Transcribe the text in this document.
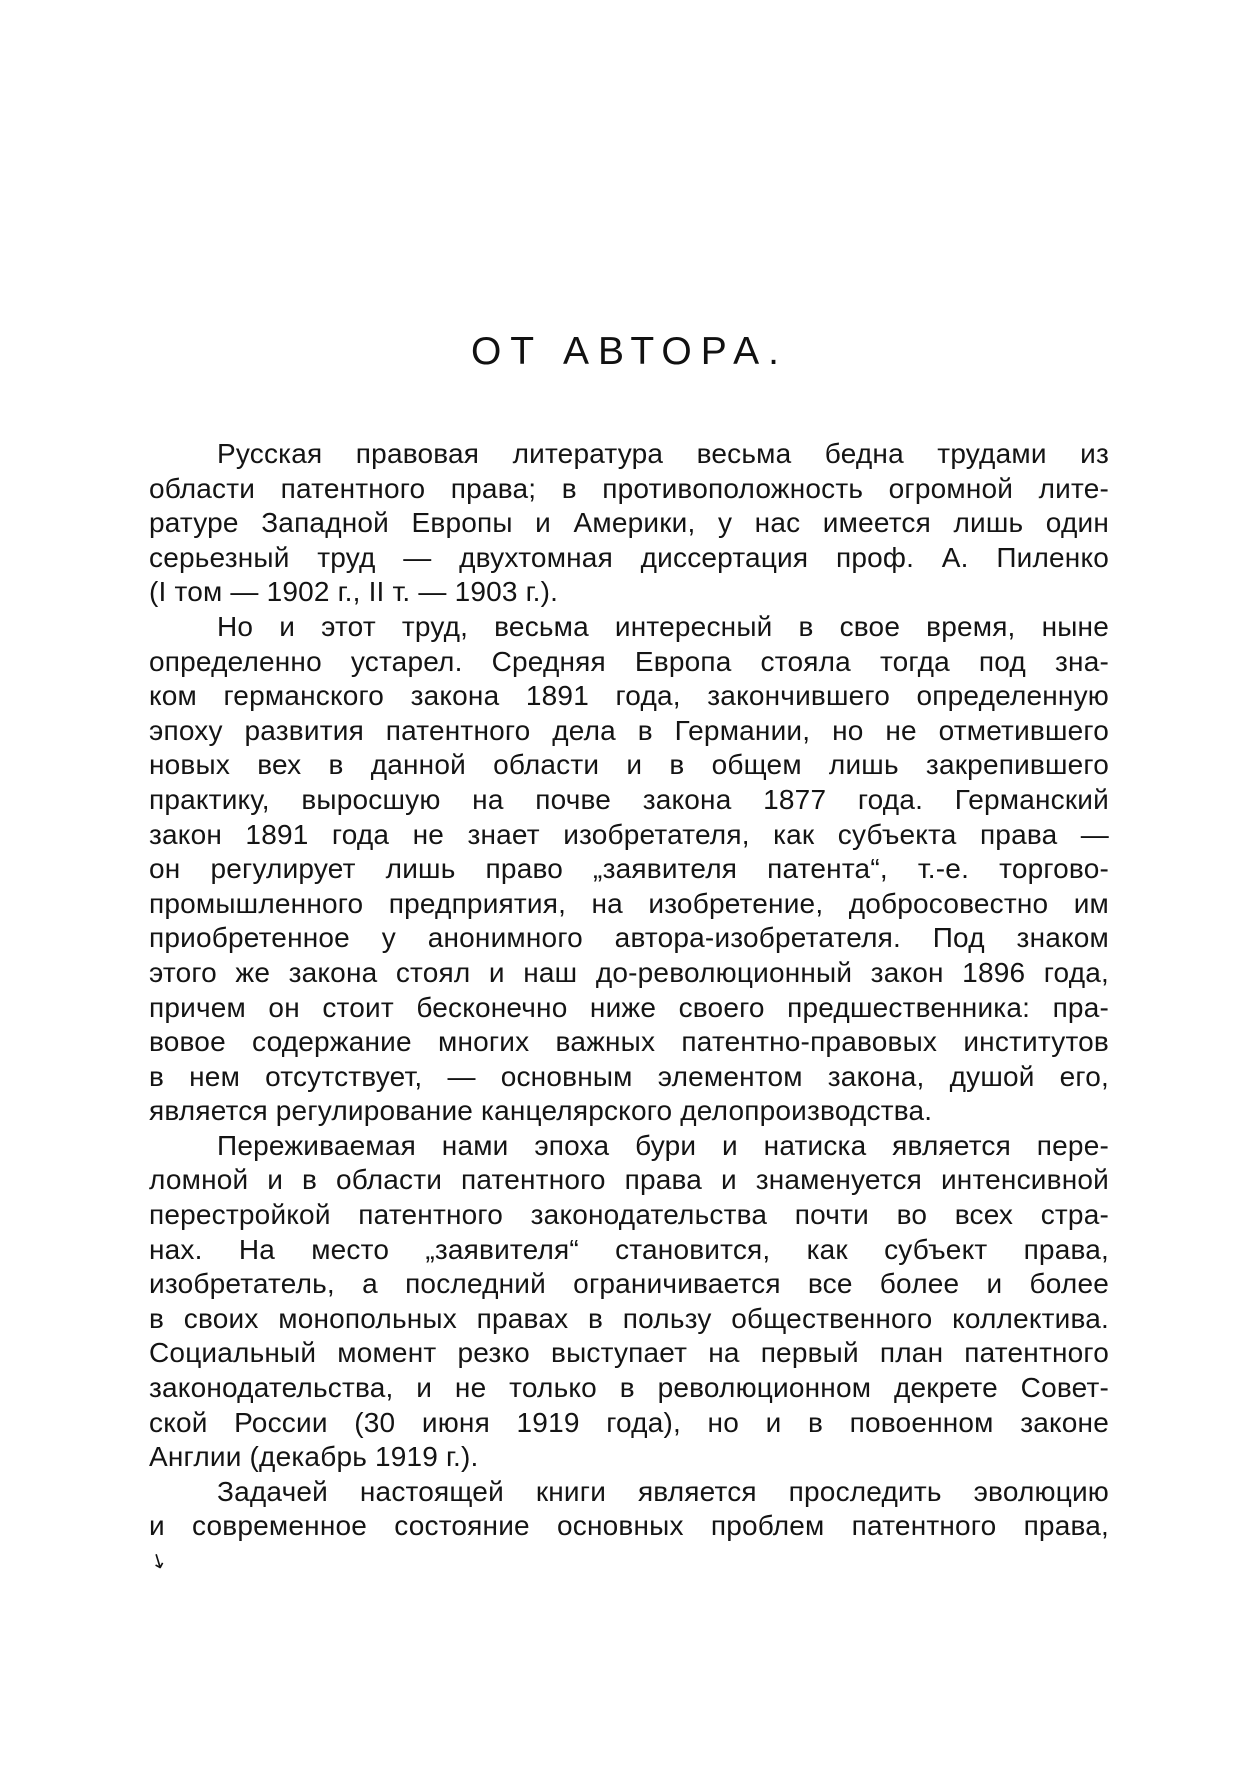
ОТ АВТОРА.
Русская правовая литература весьма бедна трудами из
области патентного права; в противоположность огромной лите-
ратуре Западной Европы и Америки, у нас имеется лишь один
серьезный труд — двухтомная диссертация проф. А. Пиленко
(I том — 1902 г., II т. — 1903 г.).
Но и этот труд, весьма интересный в свое время, ныне
определенно устарел. Средняя Европа стояла тогда под зна-
ком германского закона 1891 года, закончившего определенную
эпоху развития патентного дела в Германии, но не отметившего
новых вех в данной области и в общем лишь закрепившего
практику, выросшую на почве закона 1877 года. Германский
закон 1891 года не знает изобретателя, как субъекта права —
он регулирует лишь право „заявителя патента“, т.-е. торгово-
промышленного предприятия, на изобретение, добросовестно им
приобретенное у анонимного автора-изобретателя. Под знаком
этого же закона стоял и наш до-революционный закон 1896 года,
причем он стоит бесконечно ниже своего предшественника: пра-
вовое содержание многих важных патентно-правовых институтов
в нем отсутствует, — основным элементом закона, душой его,
является регулирование канцелярского делопроизводства.
Переживаемая нами эпоха бури и натиска является пере-
ломной и в области патентного права и знаменуется интенсивной
перестройкой патентного законодательства почти во всех стра-
нах. На место „заявителя“ становится, как субъект права,
изобретатель, а последний ограничивается все более и более
в своих монопольных правах в пользу общественного коллектива.
Социальный момент резко выступает на первый план патентного
законодательства, и не только в революционном декрете Совет-
ской России (30 июня 1919 года), но и в повоенном законе
Англии (декабрь 1919 г.).
Задачей настоящей книги является проследить эволюцию
и современное состояние основных проблем патентного права,
↘
